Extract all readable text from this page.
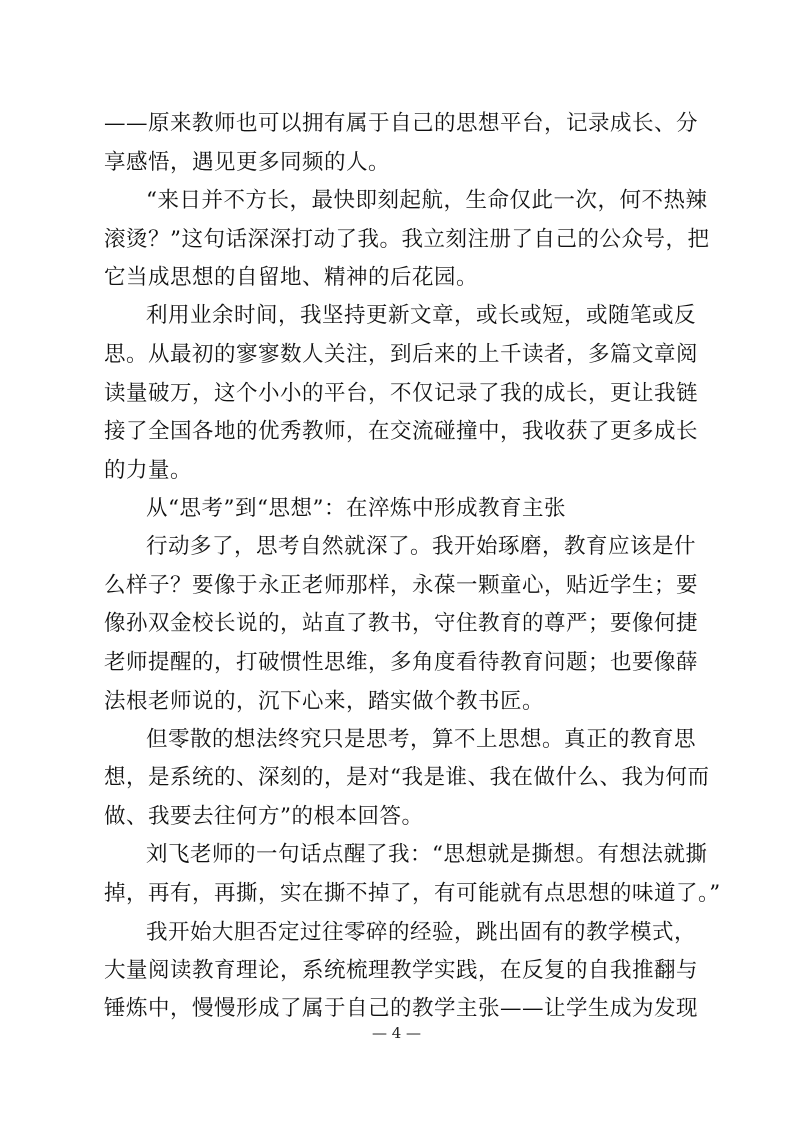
——原来教师也可以拥有属于自己的思想平台，记录成长、分
享感悟，遇见更多同频的人。
“来日并不方长，最快即刻起航，生命仅此一次，何不热辣
滚烫？”这句话深深打动了我。我立刻注册了自己的公众号，把
它当成思想的自留地、精神的后花园。
利用业余时间，我坚持更新文章，或长或短，或随笔或反
思。从最初的寥寥数人关注，到后来的上千读者，多篇文章阅
读量破万，这个小小的平台，不仅记录了我的成长，更让我链
接了全国各地的优秀教师，在交流碰撞中，我收获了更多成长
的力量。
从“思考”到“思想”：在淬炼中形成教育主张
行动多了，思考自然就深了。我开始琢磨，教育应该是什
么样子？要像于永正老师那样，永葆一颗童心，贴近学生；要
像孙双金校长说的，站直了教书，守住教育的尊严；要像何捷
老师提醒的，打破惯性思维，多角度看待教育问题；也要像薛
法根老师说的，沉下心来，踏实做个教书匠。
但零散的想法终究只是思考，算不上思想。真正的教育思
想，是系统的、深刻的，是对“我是谁、我在做什么、我为何而
做、我要去往何方”的根本回答。
刘飞老师的一句话点醒了我：“思想就是撕想。有想法就撕
掉，再有，再撕，实在撕不掉了，有可能就有点思想的味道了。”
我开始大胆否定过往零碎的经验，跳出固有的教学模式，
大量阅读教育理论，系统梳理教学实践，在反复的自我推翻与
锤炼中，慢慢形成了属于自己的教学主张——让学生成为发现
— 4 —
